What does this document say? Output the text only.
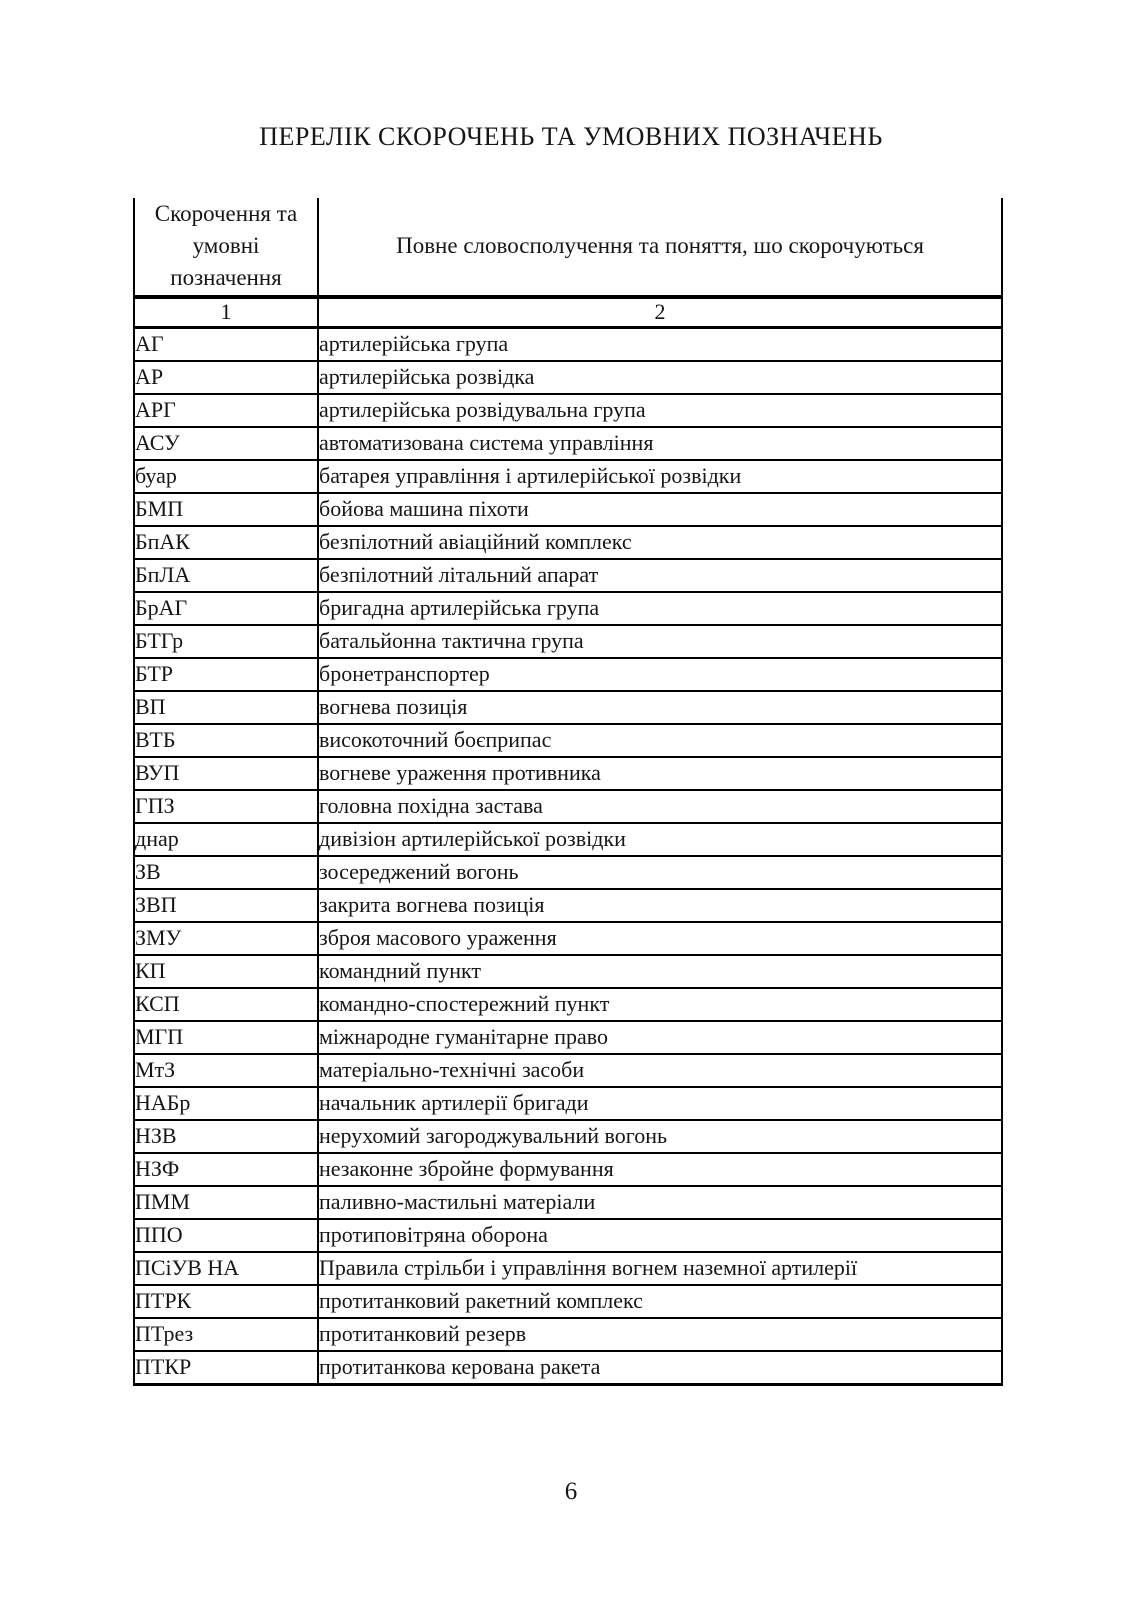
ПЕРЕЛІК СКОРОЧЕНЬ ТА УМОВНИХ ПОЗНАЧЕНЬ
Скорочення та умовні позначення	Повне словосполучення та поняття, шо скорочуються
1	2
АГ	артилерійська група
АР	артилерійська розвідка
АРГ	артилерійська розвідувальна група
АСУ	автоматизована система управління
буар	батарея управління і артилерійської розвідки
БМП	бойова машина піхоти
БпАК	безпілотний авіаційний комплекс
БпЛА	безпілотний літальний апарат
БрАГ	бригадна артилерійська група
БТГр	батальйонна тактична група
БТР	бронетранспортер
ВП	вогнева позиція
ВТБ	високоточний боєприпас
ВУП	вогневе ураження противника
ГПЗ	головна похідна застава
днар	дивізіон артилерійської розвідки
ЗВ	зосереджений вогонь
ЗВП	закрита вогнева позиція
ЗМУ	зброя масового ураження
КП	командний пункт
КСП	командно-спостережний пункт
МГП	міжнародне гуманітарне право
МтЗ	матеріально-технічні засоби
НАБр	начальник артилерії бригади
НЗВ	нерухомий загороджувальний вогонь
НЗФ	незаконне збройне формування
ПММ	паливно-мастильні матеріали
ППО	протиповітряна оборона
ПСіУВ НА	Правила стрільби і управління вогнем наземної артилерії
ПТРК	протитанковий ракетний комплекс
ПТрез	протитанковий резерв
ПТКР	протитанкова керована ракета
6
